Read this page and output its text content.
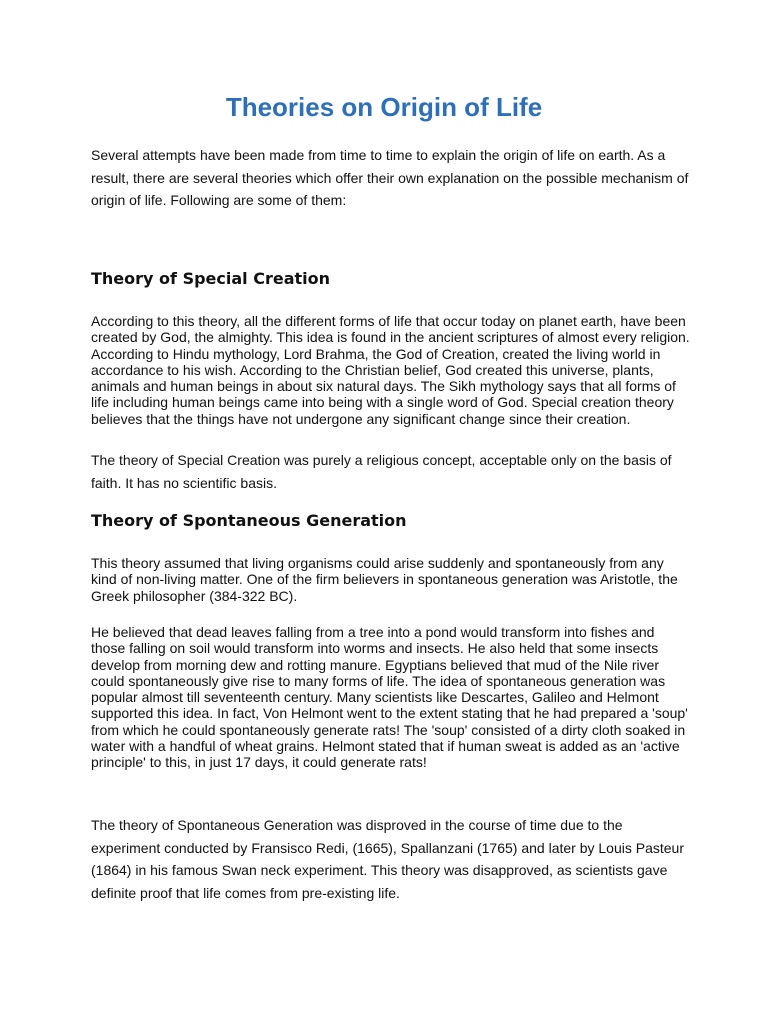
Theories on Origin of Life

Several attempts have been made from time to time to explain the origin of life on earth. As a result, there are several theories which offer their own explanation on the possible mechanism of origin of life. Following are some of them:

Theory of Special Creation

According to this theory, all the different forms of life that occur today on planet earth, have been created by God, the almighty. This idea is found in the ancient scriptures of almost every religion. According to Hindu mythology, Lord Brahma, the God of Creation, created the living world in accordance to his wish. According to the Christian belief, God created this universe, plants, animals and human beings in about six natural days. The Sikh mythology says that all forms of life including human beings came into being with a single word of God. Special creation theory believes that the things have not undergone any significant change since their creation.

The theory of Special Creation was purely a religious concept, acceptable only on the basis of faith. It has no scientific basis.

Theory of Spontaneous Generation

This theory assumed that living organisms could arise suddenly and spontaneously from any kind of non-living matter. One of the firm believers in spontaneous generation was Aristotle, the Greek philosopher (384-322 BC).

He believed that dead leaves falling from a tree into a pond would transform into fishes and those falling on soil would transform into worms and insects. He also held that some insects develop from morning dew and rotting manure. Egyptians believed that mud of the Nile river could spontaneously give rise to many forms of life. The idea of spontaneous generation was popular almost till seventeenth century. Many scientists like Descartes, Galileo and Helmont supported this idea. In fact, Von Helmont went to the extent stating that he had prepared a 'soup' from which he could spontaneously generate rats! The 'soup' consisted of a dirty cloth soaked in water with a handful of wheat grains. Helmont stated that if human sweat is added as an 'active principle' to this, in just 17 days, it could generate rats!

The theory of Spontaneous Generation was disproved in the course of time due to the experiment conducted by Fransisco Redi, (1665), Spallanzani (1765) and later by Louis Pasteur (1864) in his famous Swan neck experiment. This theory was disapproved, as scientists gave definite proof that life comes from pre-existing life.
